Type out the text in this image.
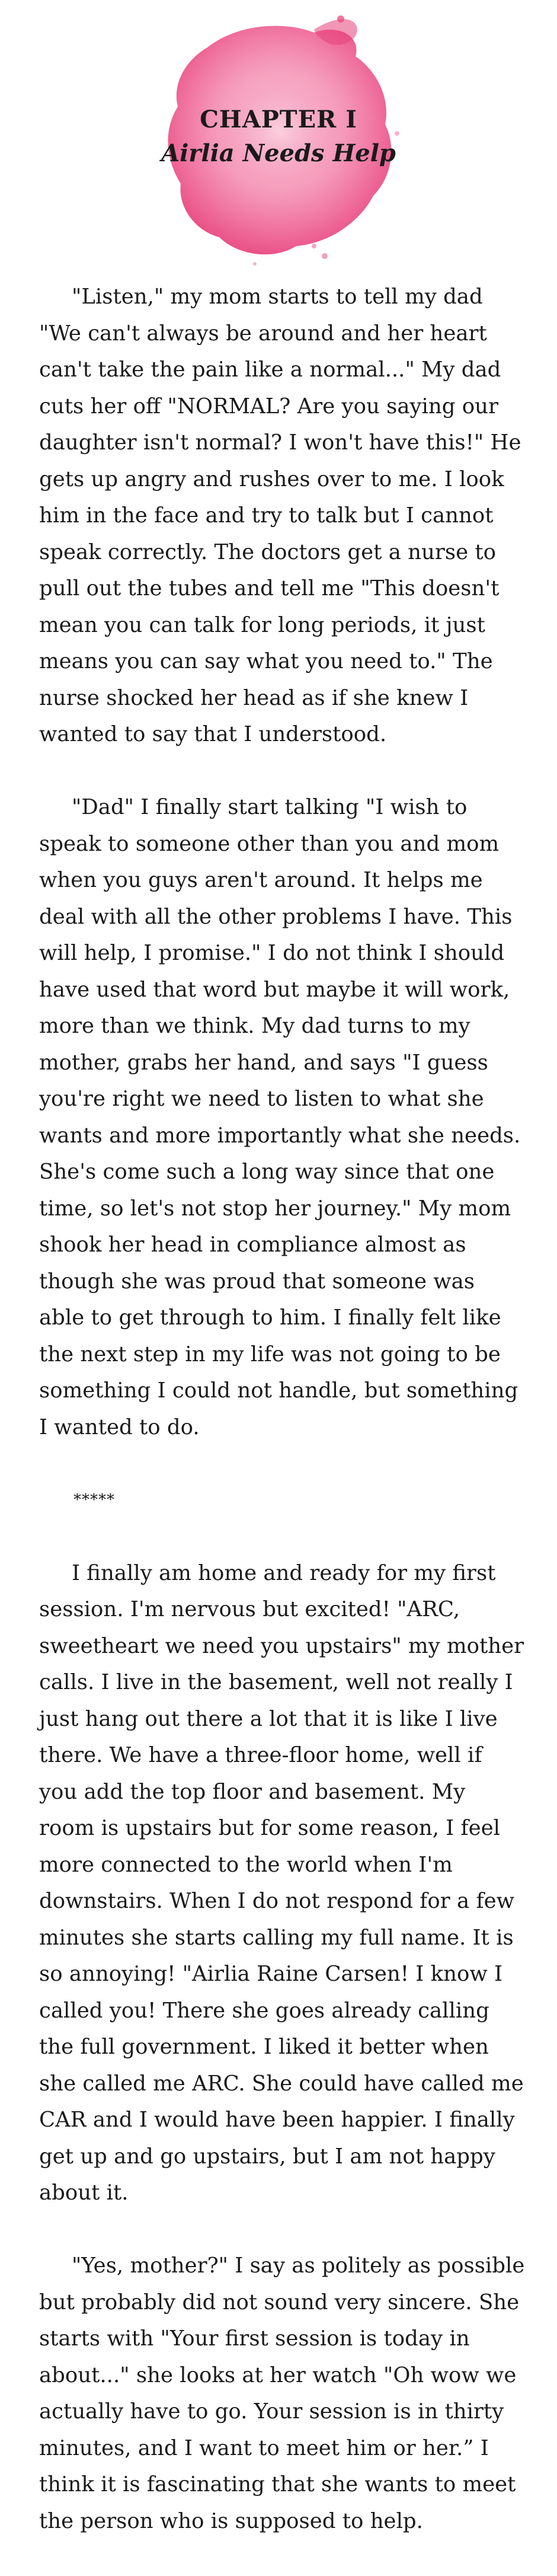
CHAPTER I
Airlia Needs Help

"Listen," my mom starts to tell my dad "We can't always be around and her heart can't take the pain like a normal..." My dad cuts her off "NORMAL? Are you saying our daughter isn't normal? I won't have this!" He gets up angry and rushes over to me. I look him in the face and try to talk but I cannot speak correctly. The doctors get a nurse to pull out the tubes and tell me "This doesn't mean you can talk for long periods, it just means you can say what you need to." The nurse shocked her head as if she knew I wanted to say that I understood.

"Dad" I finally start talking "I wish to speak to someone other than you and mom when you guys aren't around. It helps me deal with all the other problems I have. This will help, I promise." I do not think I should have used that word but maybe it will work, more than we think. My dad turns to my mother, grabs her hand, and says "I guess you're right we need to listen to what she wants and more importantly what she needs. She's come such a long way since that one time, so let's not stop her journey." My mom shook her head in compliance almost as though she was proud that someone was able to get through to him. I finally felt like the next step in my life was not going to be something I could not handle, but something I wanted to do.

*****

I finally am home and ready for my first session. I'm nervous but excited! "ARC, sweetheart we need you upstairs" my mother calls. I live in the basement, well not really I just hang out there a lot that it is like I live there. We have a three-floor home, well if you add the top floor and basement. My room is upstairs but for some reason, I feel more connected to the world when I'm downstairs. When I do not respond for a few minutes she starts calling my full name. It is so annoying! "Airlia Raine Carsen! I know I called you! There she goes already calling the full government. I liked it better when she called me ARC. She could have called me CAR and I would have been happier. I finally get up and go upstairs, but I am not happy about it.

"Yes, mother?" I say as politely as possible but probably did not sound very sincere. She starts with "Your first session is today in about..." she looks at her watch "Oh wow we actually have to go. Your session is in thirty minutes, and I want to meet him or her.” I think it is fascinating that she wants to meet the person who is supposed to help.
